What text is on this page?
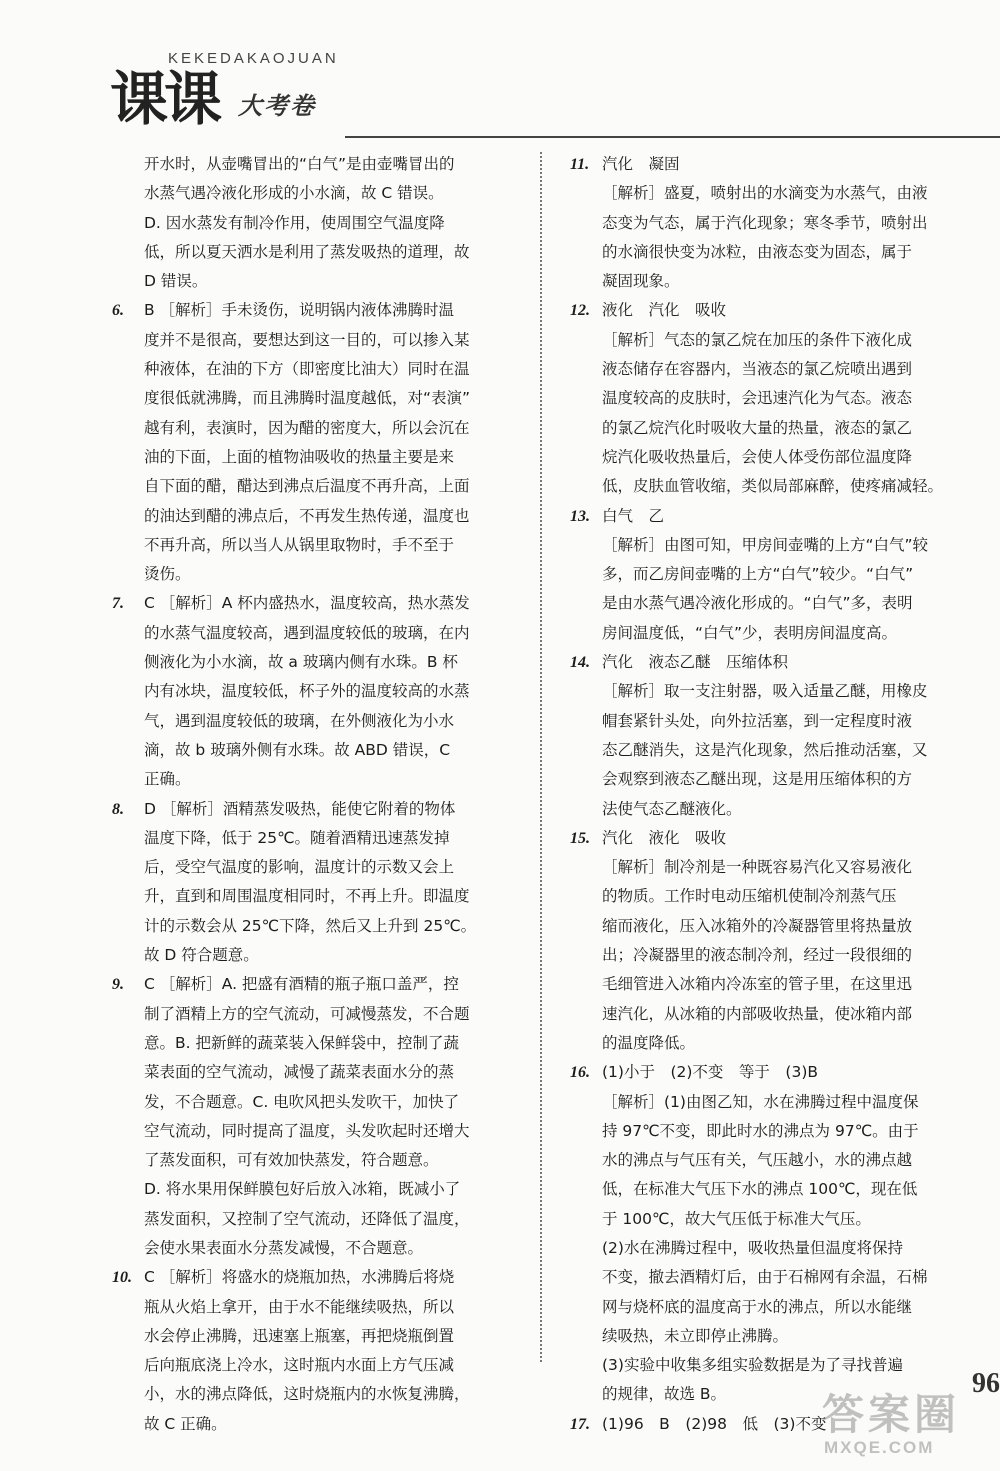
课课
KEKEDAKAOJUAN
大考卷
开水时，从壶嘴冒出的“白气”是由壶嘴冒出的
水蒸气遇冷液化形成的小水滴，故 C 错误。
D. 因水蒸发有制冷作用，使周围空气温度降
低，所以夏天洒水是利用了蒸发吸热的道理，故
D 错误。
6. B ［解析］手未烫伤，说明锅内液体沸腾时温
度并不是很高，要想达到这一目的，可以掺入某
种液体，在油的下方（即密度比油大）同时在温
度很低就沸腾，而且沸腾时温度越低，对“表演”
越有利，表演时，因为醋的密度大，所以会沉在
油的下面，上面的植物油吸收的热量主要是来
自下面的醋，醋达到沸点后温度不再升高，上面
的油达到醋的沸点后，不再发生热传递，温度也
不再升高，所以当人从锅里取物时，手不至于
烫伤。
7. C ［解析］A 杯内盛热水，温度较高，热水蒸发
的水蒸气温度较高，遇到温度较低的玻璃，在内
侧液化为小水滴，故 a 玻璃内侧有水珠。B 杯
内有冰块，温度较低，杯子外的温度较高的水蒸
气，遇到温度较低的玻璃，在外侧液化为小水
滴，故 b 玻璃外侧有水珠。故 ABD 错误，C
正确。
8. D ［解析］酒精蒸发吸热，能使它附着的物体
温度下降，低于 25℃。随着酒精迅速蒸发掉
后，受空气温度的影响，温度计的示数又会上
升，直到和周围温度相同时，不再上升。即温度
计的示数会从 25℃下降，然后又上升到 25℃。
故 D 符合题意。
9. C ［解析］A. 把盛有酒精的瓶子瓶口盖严，控
制了酒精上方的空气流动，可减慢蒸发，不合题
意。B. 把新鲜的蔬菜装入保鲜袋中，控制了蔬
菜表面的空气流动，减慢了蔬菜表面水分的蒸
发，不合题意。C. 电吹风把头发吹干，加快了
空气流动，同时提高了温度，头发吹起时还增大
了蒸发面积，可有效加快蒸发，符合题意。
D. 将水果用保鲜膜包好后放入冰箱，既减小了
蒸发面积，又控制了空气流动，还降低了温度，
会使水果表面水分蒸发减慢，不合题意。
10. C ［解析］将盛水的烧瓶加热，水沸腾后将烧
瓶从火焰上拿开，由于水不能继续吸热，所以
水会停止沸腾，迅速塞上瓶塞，再把烧瓶倒置
后向瓶底浇上冷水，这时瓶内水面上方气压减
小，水的沸点降低，这时烧瓶内的水恢复沸腾，
故 C 正确。
11. 汽化　凝固
［解析］盛夏，喷射出的水滴变为水蒸气，由液
态变为气态，属于汽化现象；寒冬季节，喷射出
的水滴很快变为冰粒，由液态变为固态，属于
凝固现象。
12. 液化　汽化　吸收
［解析］气态的氯乙烷在加压的条件下液化成
液态储存在容器内，当液态的氯乙烷喷出遇到
温度较高的皮肤时，会迅速汽化为气态。液态
的氯乙烷汽化时吸收大量的热量，液态的氯乙
烷汽化吸收热量后，会使人体受伤部位温度降
低，皮肤血管收缩，类似局部麻醉，使疼痛减轻。
13. 白气　乙
［解析］由图可知，甲房间壶嘴的上方“白气”较
多，而乙房间壶嘴的上方“白气”较少。“白气”
是由水蒸气遇冷液化形成的。“白气”多，表明
房间温度低，“白气”少，表明房间温度高。
14. 汽化　液态乙醚　压缩体积
［解析］取一支注射器，吸入适量乙醚，用橡皮
帽套紧针头处，向外拉活塞，到一定程度时液
态乙醚消失，这是汽化现象，然后推动活塞，又
会观察到液态乙醚出现，这是用压缩体积的方
法使气态乙醚液化。
15. 汽化　液化　吸收
［解析］制冷剂是一种既容易汽化又容易液化
的物质。工作时电动压缩机使制冷剂蒸气压
缩而液化，压入冰箱外的冷凝器管里将热量放
出；冷凝器里的液态制冷剂，经过一段很细的
毛细管进入冰箱内冷冻室的管子里，在这里迅
速汽化，从冰箱的内部吸收热量，使冰箱内部
的温度降低。
16. (1)小于　(2)不变　等于　(3)B
［解析］(1)由图乙知，水在沸腾过程中温度保
持 97℃不变，即此时水的沸点为 97℃。由于
水的沸点与气压有关，气压越小，水的沸点越
低，在标准大气压下水的沸点 100℃，现在低
于 100℃，故大气压低于标准大气压。
(2)水在沸腾过程中，吸收热量但温度将保持
不变，撤去酒精灯后，由于石棉网有余温，石棉
网与烧杯底的温度高于水的沸点，所以水能继
续吸热，未立即停止沸腾。
(3)实验中收集多组实验数据是为了寻找普遍
的规律，故选 B。
17. (1)96　B　(2)98　低　(3)不变
96
答案圈
MXQE.COM
